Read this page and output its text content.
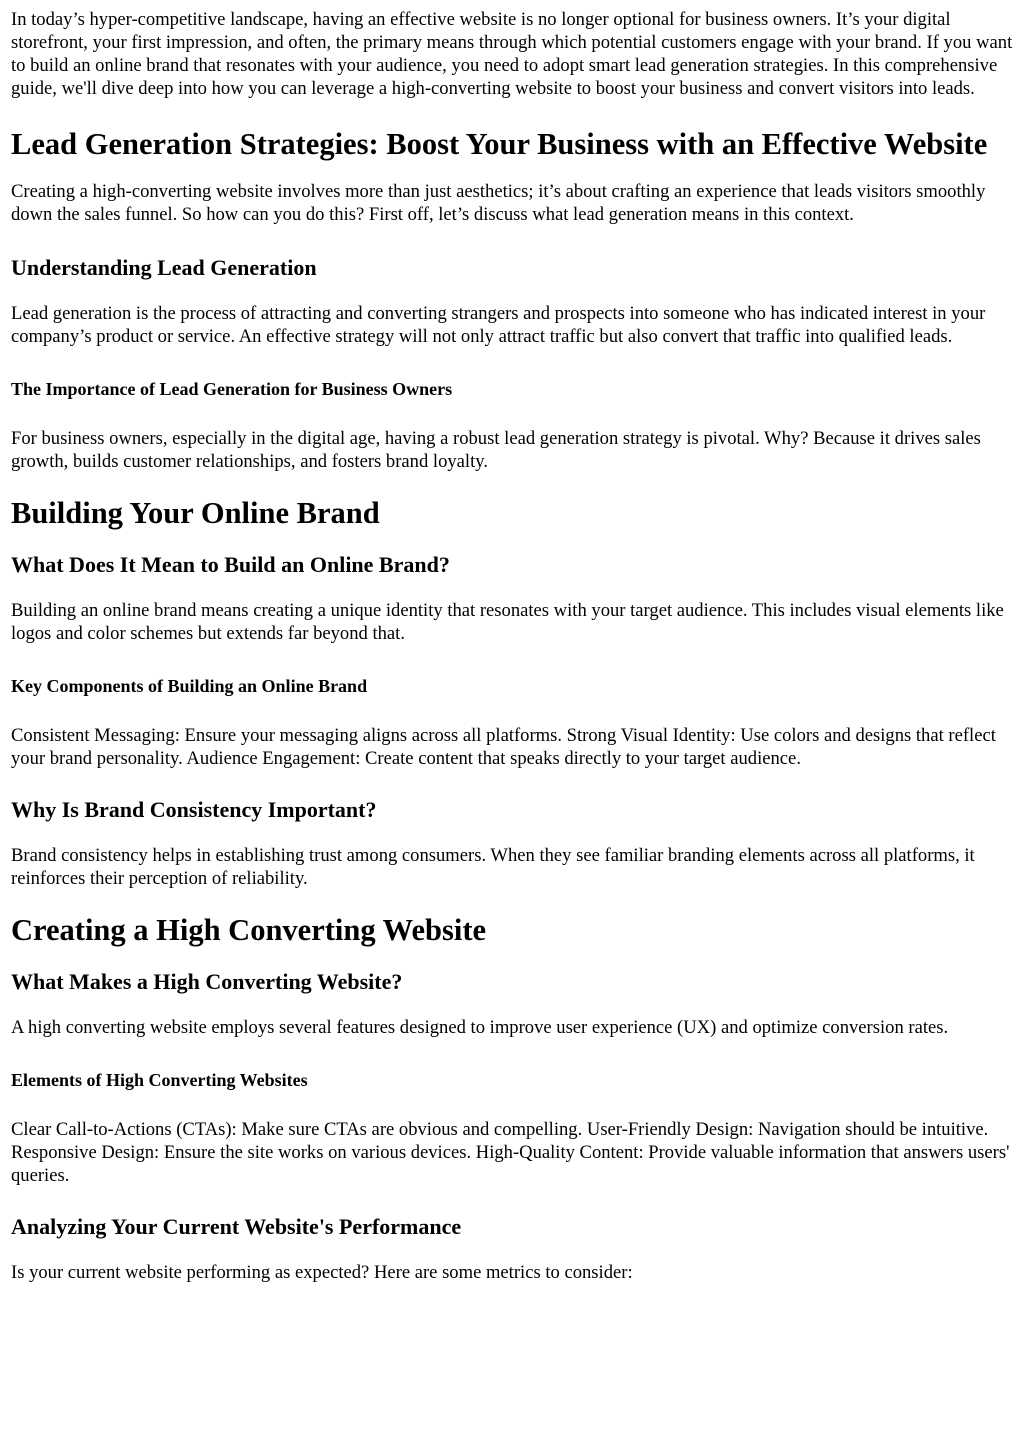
In today’s hyper-competitive landscape, having an effective website is no longer optional for business owners. It’s your digital storefront, your first impression, and often, the primary means through which potential customers engage with your brand. If you want to build an online brand that resonates with your audience, you need to adopt smart lead generation strategies. In this comprehensive guide, we'll dive deep into how you can leverage a high-converting website to boost your business and convert visitors into leads.

Lead Generation Strategies: Boost Your Business with an Effective Website

Creating a high-converting website involves more than just aesthetics; it’s about crafting an experience that leads visitors smoothly down the sales funnel. So how can you do this? First off, let’s discuss what lead generation means in this context.

Understanding Lead Generation

Lead generation is the process of attracting and converting strangers and prospects into someone who has indicated interest in your company’s product or service. An effective strategy will not only attract traffic but also convert that traffic into qualified leads.

The Importance of Lead Generation for Business Owners

For business owners, especially in the digital age, having a robust lead generation strategy is pivotal. Why? Because it drives sales growth, builds customer relationships, and fosters brand loyalty.

Building Your Online Brand
What Does It Mean to Build an Online Brand?

Building an online brand means creating a unique identity that resonates with your target audience. This includes visual elements like logos and color schemes but extends far beyond that.

Key Components of Building an Online Brand

Consistent Messaging: Ensure your messaging aligns across all platforms. Strong Visual Identity: Use colors and designs that reflect your brand personality. Audience Engagement: Create content that speaks directly to your target audience.

Why Is Brand Consistency Important?

Brand consistency helps in establishing trust among consumers. When they see familiar branding elements across all platforms, it reinforces their perception of reliability.

Creating a High Converting Website
What Makes a High Converting Website?

A high converting website employs several features designed to improve user experience (UX) and optimize conversion rates.

Elements of High Converting Websites

Clear Call-to-Actions (CTAs): Make sure CTAs are obvious and compelling. User-Friendly Design: Navigation should be intuitive. Responsive Design: Ensure the site works on various devices. High-Quality Content: Provide valuable information that answers users' queries.

Analyzing Your Current Website's Performance

Is your current website performing as expected? Here are some metrics to consider:
